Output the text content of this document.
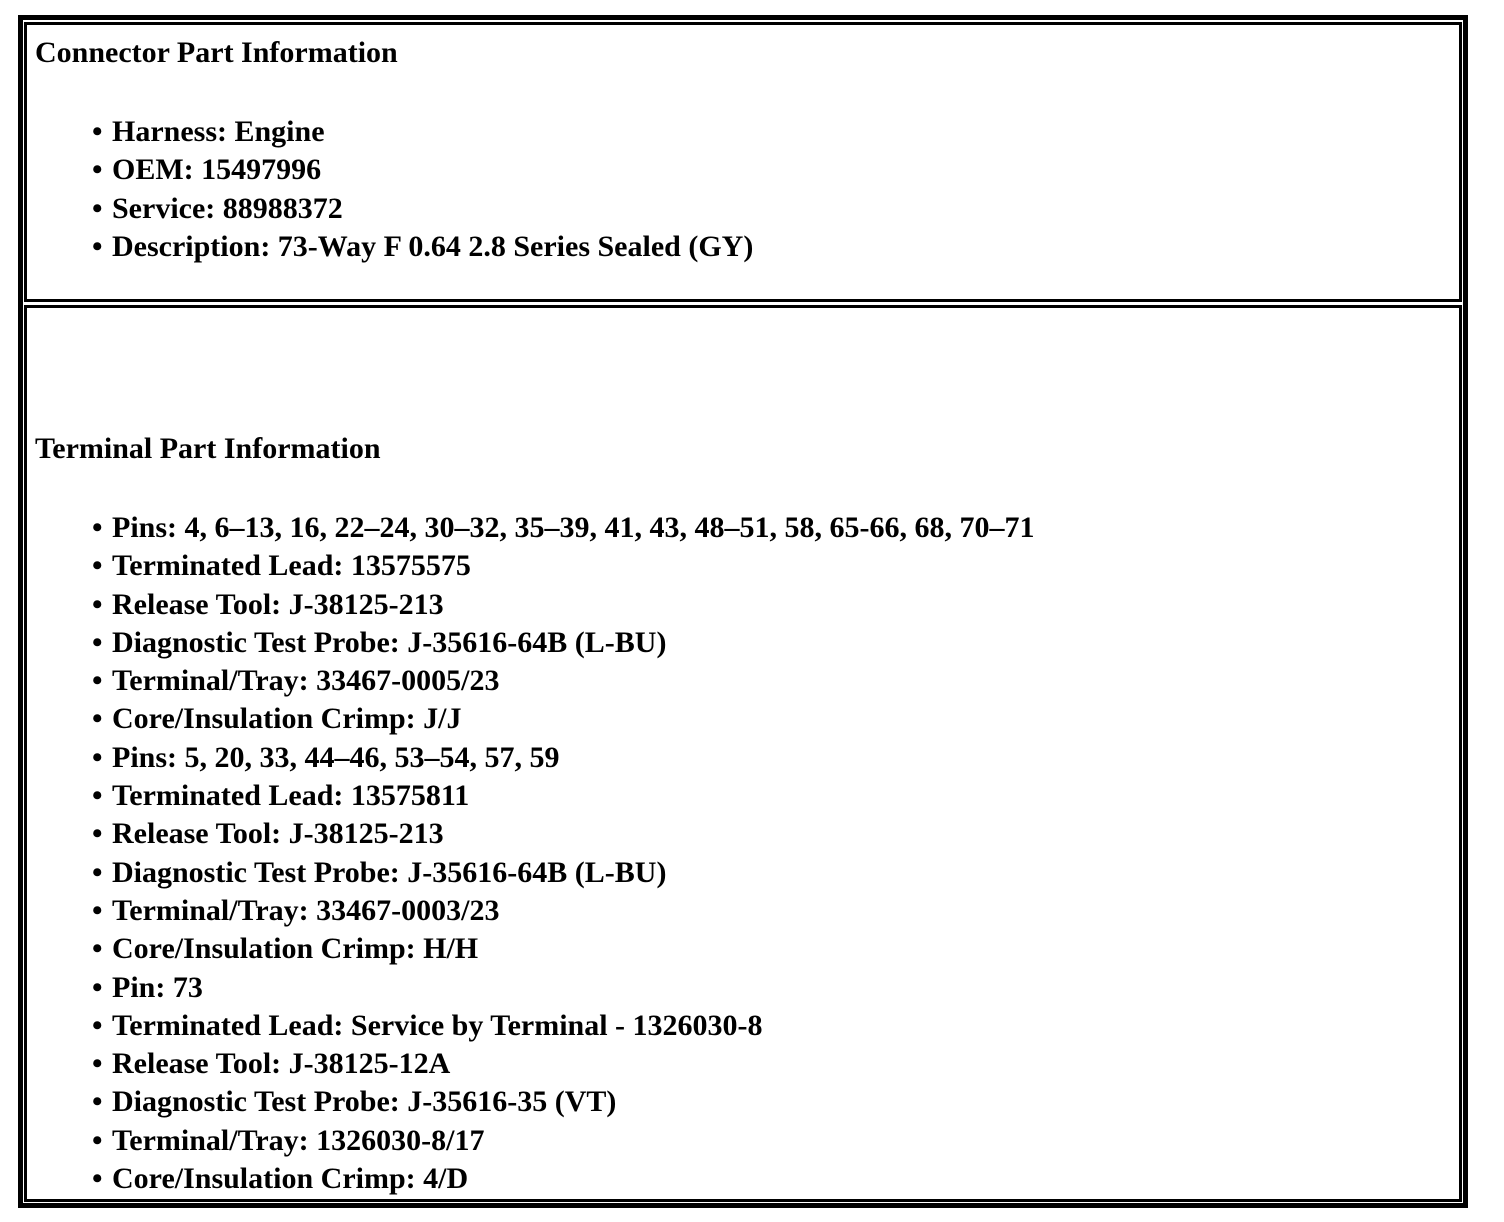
Connector Part Information

• Harness: Engine
• OEM: 15497996
• Service: 88988372
• Description: 73-Way F 0.64 2.8 Series Sealed (GY)

Terminal Part Information

• Pins: 4, 6–13, 16, 22–24, 30–32, 35–39, 41, 43, 48–51, 58, 65-66, 68, 70–71
• Terminated Lead: 13575575
• Release Tool: J-38125-213
• Diagnostic Test Probe: J-35616-64B (L-BU)
• Terminal/Tray: 33467-0005/23
• Core/Insulation Crimp: J/J
• Pins: 5, 20, 33, 44–46, 53–54, 57, 59
• Terminated Lead: 13575811
• Release Tool: J-38125-213
• Diagnostic Test Probe: J-35616-64B (L-BU)
• Terminal/Tray: 33467-0003/23
• Core/Insulation Crimp: H/H
• Pin: 73
• Terminated Lead: Service by Terminal - 1326030-8
• Release Tool: J-38125-12A
• Diagnostic Test Probe: J-35616-35 (VT)
• Terminal/Tray: 1326030-8/17
• Core/Insulation Crimp: 4/D
